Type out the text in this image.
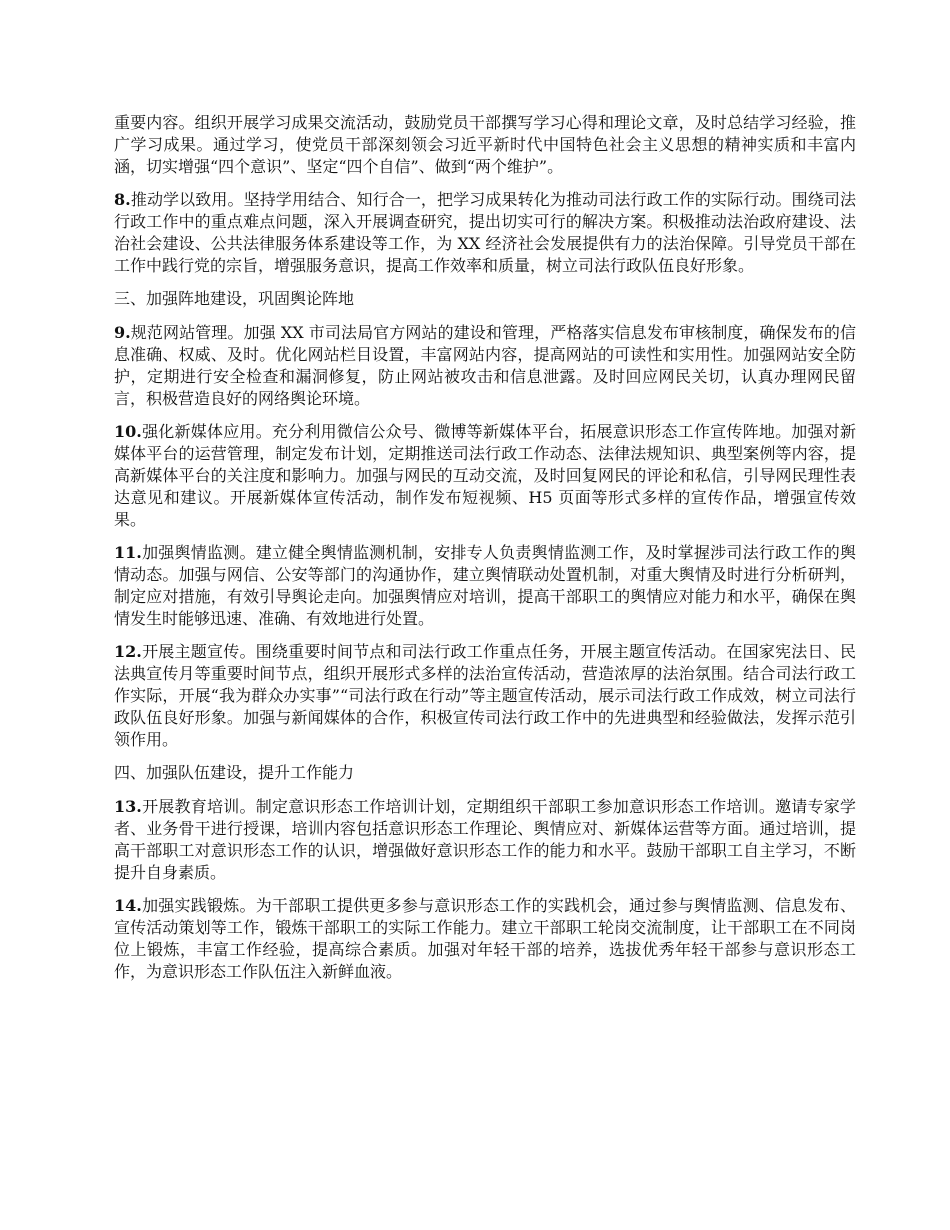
重要内容。组织开展学习成果交流活动，鼓励党员干部撰写学习心得和理论文章，及时总结学习经验，推广学习成果。通过学习，使党员干部深刻领会习近平新时代中国特色社会主义思想的精神实质和丰富内涵，切实增强“四个意识”、坚定“四个自信”、做到“两个维护”。

8.推动学以致用。坚持学用结合、知行合一，把学习成果转化为推动司法行政工作的实际行动。围绕司法行政工作中的重点难点问题，深入开展调查研究，提出切实可行的解决方案。积极推动法治政府建设、法治社会建设、公共法律服务体系建设等工作，为 XX 经济社会发展提供有力的法治保障。引导党员干部在工作中践行党的宗旨，增强服务意识，提高工作效率和质量，树立司法行政队伍良好形象。

三、加强阵地建设，巩固舆论阵地

9.规范网站管理。加强 XX 市司法局官方网站的建设和管理，严格落实信息发布审核制度，确保发布的信息准确、权威、及时。优化网站栏目设置，丰富网站内容，提高网站的可读性和实用性。加强网站安全防护，定期进行安全检查和漏洞修复，防止网站被攻击和信息泄露。及时回应网民关切，认真办理网民留言，积极营造良好的网络舆论环境。

10.强化新媒体应用。充分利用微信公众号、微博等新媒体平台，拓展意识形态工作宣传阵地。加强对新媒体平台的运营管理，制定发布计划，定期推送司法行政工作动态、法律法规知识、典型案例等内容，提高新媒体平台的关注度和影响力。加强与网民的互动交流，及时回复网民的评论和私信，引导网民理性表达意见和建议。开展新媒体宣传活动，制作发布短视频、H5 页面等形式多样的宣传作品，增强宣传效果。

11.加强舆情监测。建立健全舆情监测机制，安排专人负责舆情监测工作，及时掌握涉司法行政工作的舆情动态。加强与网信、公安等部门的沟通协作，建立舆情联动处置机制，对重大舆情及时进行分析研判，制定应对措施，有效引导舆论走向。加强舆情应对培训，提高干部职工的舆情应对能力和水平，确保在舆情发生时能够迅速、准确、有效地进行处置。

12.开展主题宣传。围绕重要时间节点和司法行政工作重点任务，开展主题宣传活动。在国家宪法日、民法典宣传月等重要时间节点，组织开展形式多样的法治宣传活动，营造浓厚的法治氛围。结合司法行政工作实际，开展“我为群众办实事”“司法行政在行动”等主题宣传活动，展示司法行政工作成效，树立司法行政队伍良好形象。加强与新闻媒体的合作，积极宣传司法行政工作中的先进典型和经验做法，发挥示范引领作用。

四、加强队伍建设，提升工作能力

13.开展教育培训。制定意识形态工作培训计划，定期组织干部职工参加意识形态工作培训。邀请专家学者、业务骨干进行授课，培训内容包括意识形态工作理论、舆情应对、新媒体运营等方面。通过培训，提高干部职工对意识形态工作的认识，增强做好意识形态工作的能力和水平。鼓励干部职工自主学习，不断提升自身素质。

14.加强实践锻炼。为干部职工提供更多参与意识形态工作的实践机会，通过参与舆情监测、信息发布、宣传活动策划等工作，锻炼干部职工的实际工作能力。建立干部职工轮岗交流制度，让干部职工在不同岗位上锻炼，丰富工作经验，提高综合素质。加强对年轻干部的培养，选拔优秀年轻干部参与意识形态工作，为意识形态工作队伍注入新鲜血液。
